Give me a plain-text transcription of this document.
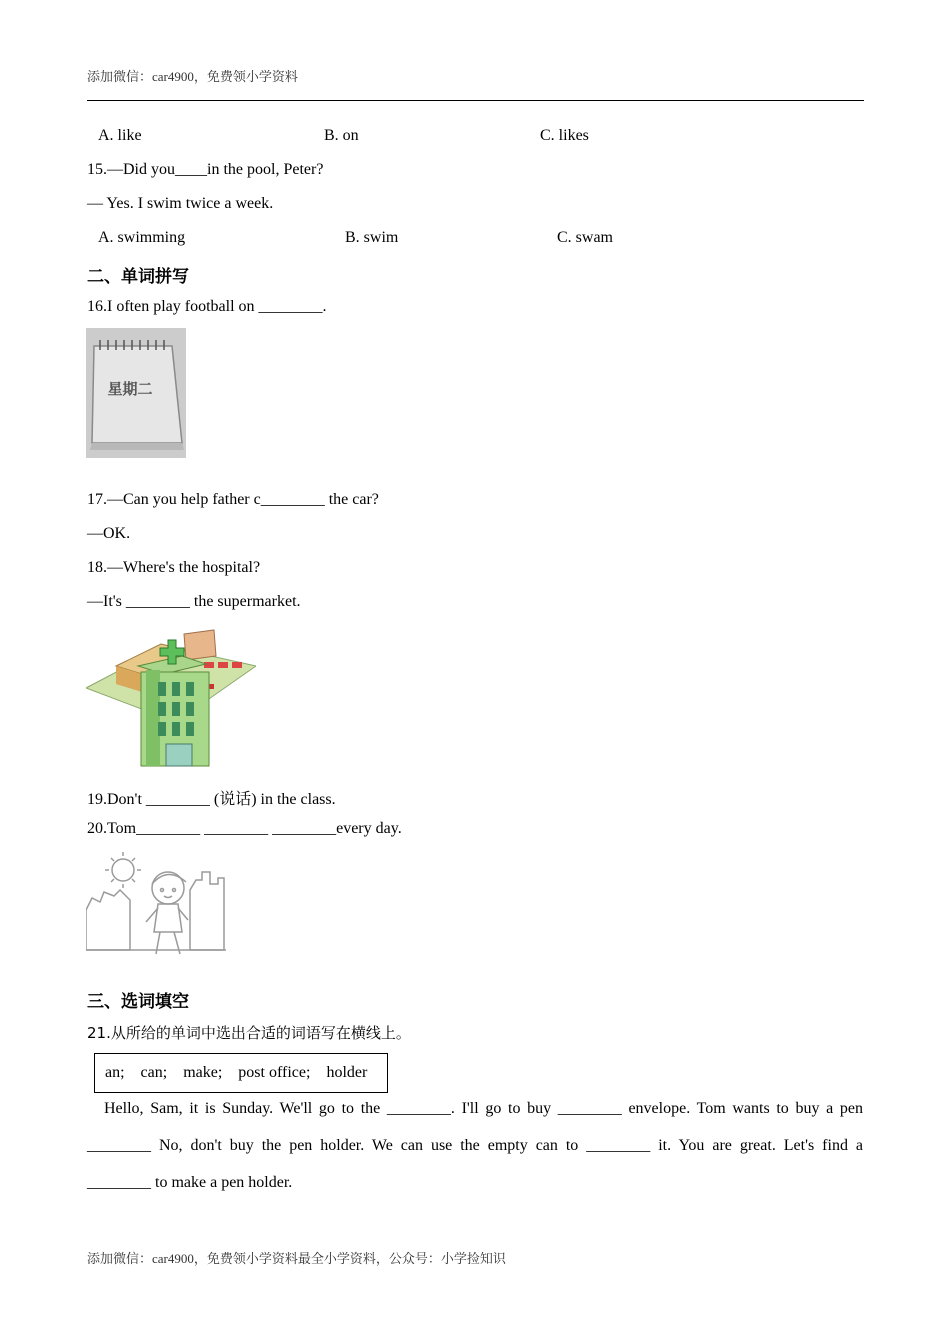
添加微信：car4900，免费领小学资料
A. like	B. on	C. likes
15.—Did you____in the pool, Peter?
— Yes. I swim twice a week.
A. swimming	B. swim	C. swam
二、单词拼写
16.I often play football on ________.
星期二
17.—Can you help father c________ the car?
—OK.
18.—Where's the hospital?
—It's ________ the supermarket.
19.Don't ________ (说话) in the class.
20.Tom________ ________ ________every day.
三、选词填空
21.从所给的单词中选出合适的词语写在横线上。
an; can; make; post office; holder
Hello, Sam, it is Sunday. We'll go to the ________. I'll go to buy ________ envelope. Tom wants to buy a pen
________ No, don't buy the pen holder. We can use the empty can to ________ it. You are great. Let's find a
________ to make a pen holder.
添加微信：car4900，免费领小学资料最全小学资料，公众号：小学捡知识
